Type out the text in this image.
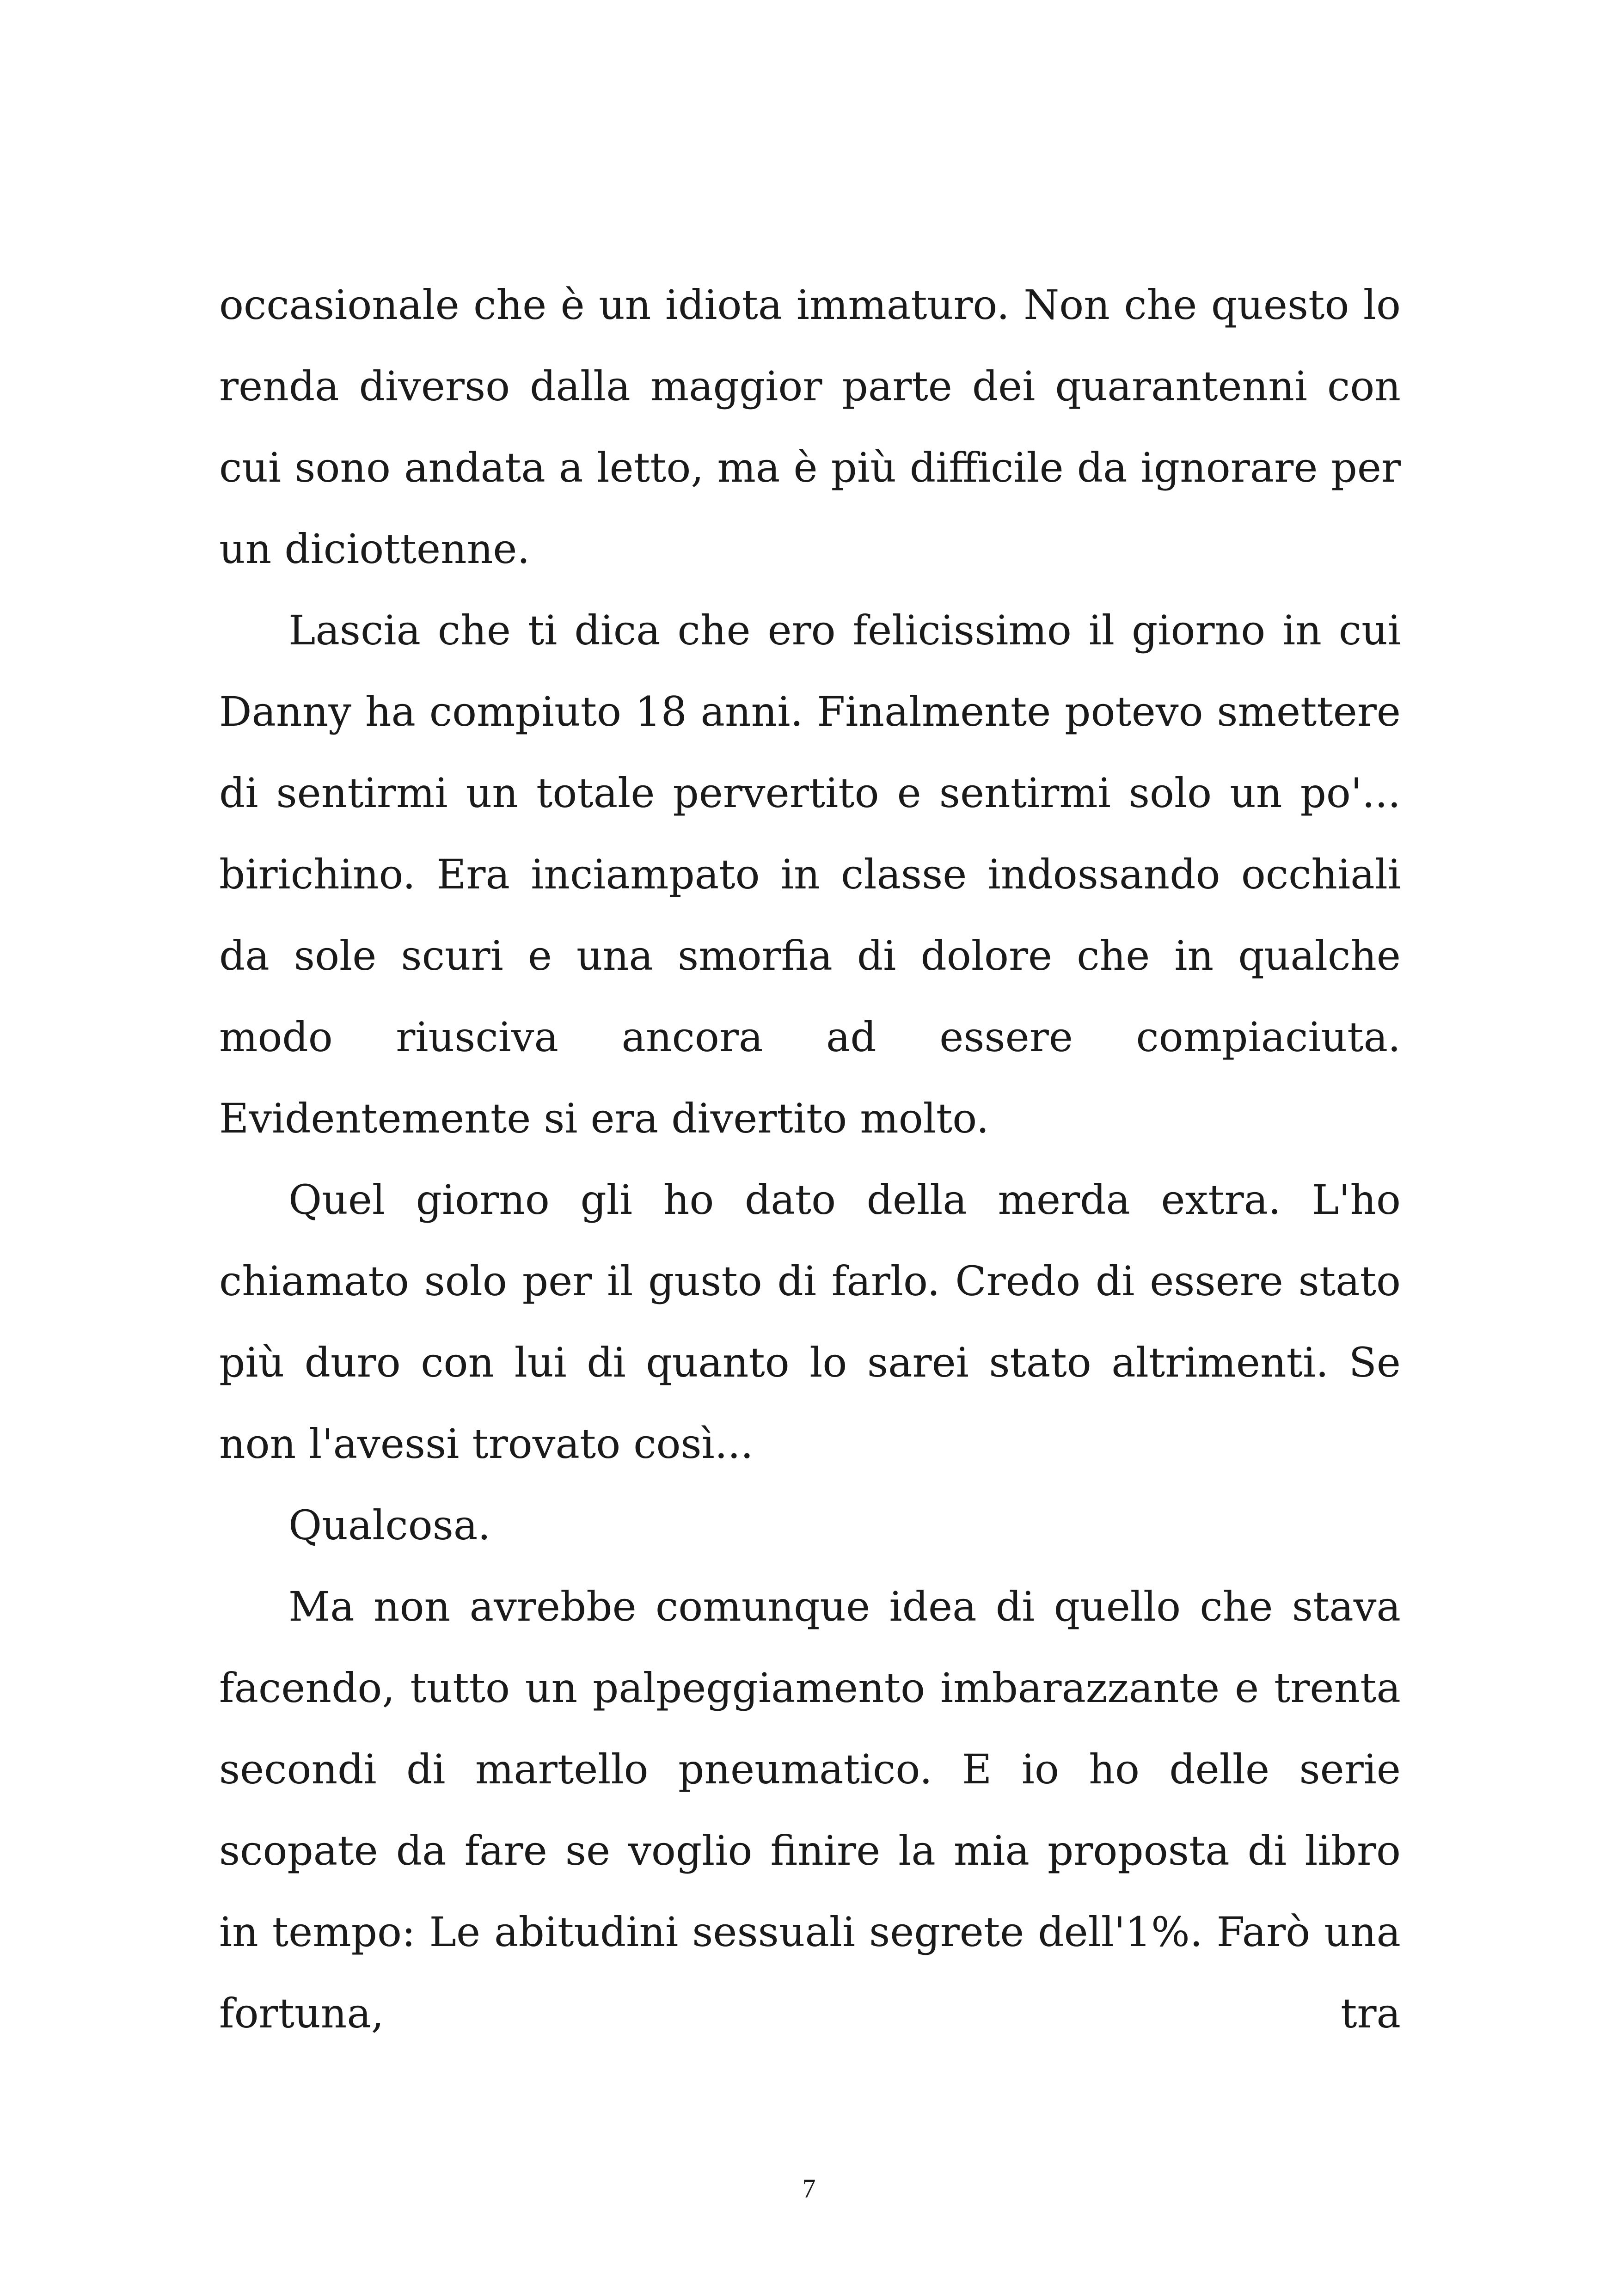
occasionale che è un idiota immaturo. Non che questo lo renda diverso dalla maggior parte dei quarantenni con cui sono andata a letto, ma è più difficile da ignorare per un diciottenne.

Lascia che ti dica che ero felicissimo il giorno in cui Danny ha compiuto 18 anni. Finalmente potevo smettere di sentirmi un totale pervertito e sentirmi solo un po'... birichino. Era inciampato in classe indossando occhiali da sole scuri e una smorfia di dolore che in qualche modo riusciva ancora ad essere compiaciuta. Evidentemente si era divertito molto.

Quel giorno gli ho dato della merda extra. L'ho chiamato solo per il gusto di farlo. Credo di essere stato più duro con lui di quanto lo sarei stato altrimenti. Se non l'avessi trovato così...

Qualcosa.

Ma non avrebbe comunque idea di quello che stava facendo, tutto un palpeggiamento imbarazzante e trenta secondi di martello pneumatico. E io ho delle serie scopate da fare se voglio finire la mia proposta di libro in tempo: Le abitudini sessuali segrete dell'1%. Farò una fortuna, tra

7
